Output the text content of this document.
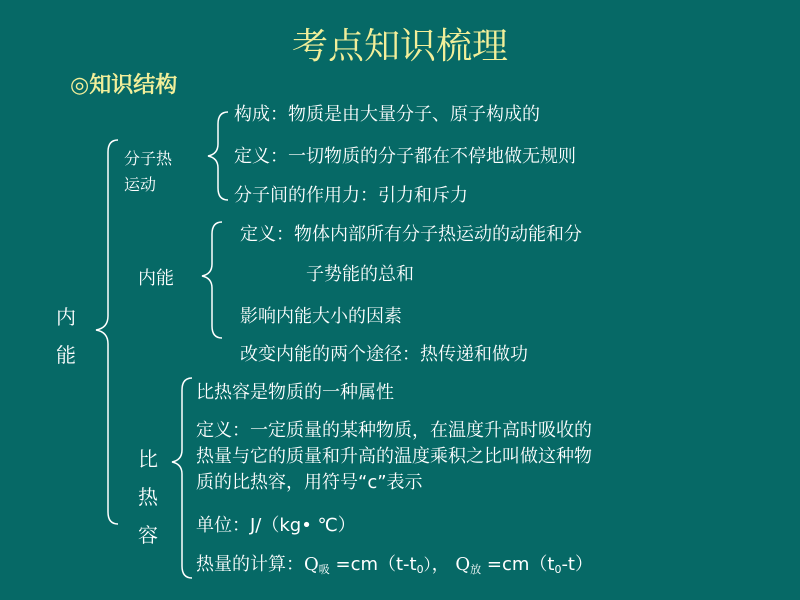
考点知识梳理
◎知识结构
内能
分子热
运动
构成：物质是由大量分子、原子构成的
定义：一切物质的分子都在不停地做无规则
分子间的作用力：引力和斥力
内能
定义：物体内部所有分子热运动的动能和分
子势能的总和
影响内能大小的因素
改变内能的两个途径：热传递和做功
比热容
比热容是物质的一种属性
定义：一定质量的某种物质，在温度升高时吸收的
热量与它的质量和升高的温度乘积之比叫做这种物
质的比热容，用符号“c”表示
单位：J/（kg• ℃）
热量的计算：$Q_吸 =cm(t-t_0)$， $Q_放 =cm(t_0-t)$
